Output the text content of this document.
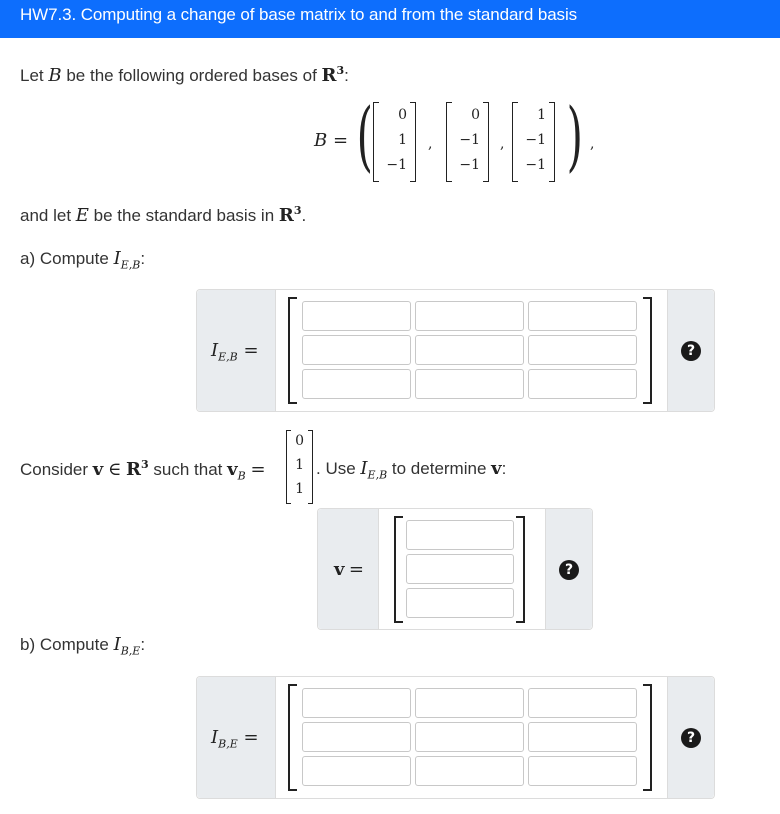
HW7.3. Computing a change of base matrix to and from the standard basis
Let B be the following ordered bases of $R^3$:
B = (	)
0
1
−1
,
0
−1
−1
,
1
−1
−1
,
and let E be the standard basis in $R^3$.
a) Compute $I_{E,B}$:
$I_{E,B}$ =	?
Consider v ∈ $R^3$ such that $v_B$ =
0
1
1
. Use $I_{E,B}$ to determine v:
v =	?
b) Compute $I_{B,E}$:
$I_{B,E}$ =	?
